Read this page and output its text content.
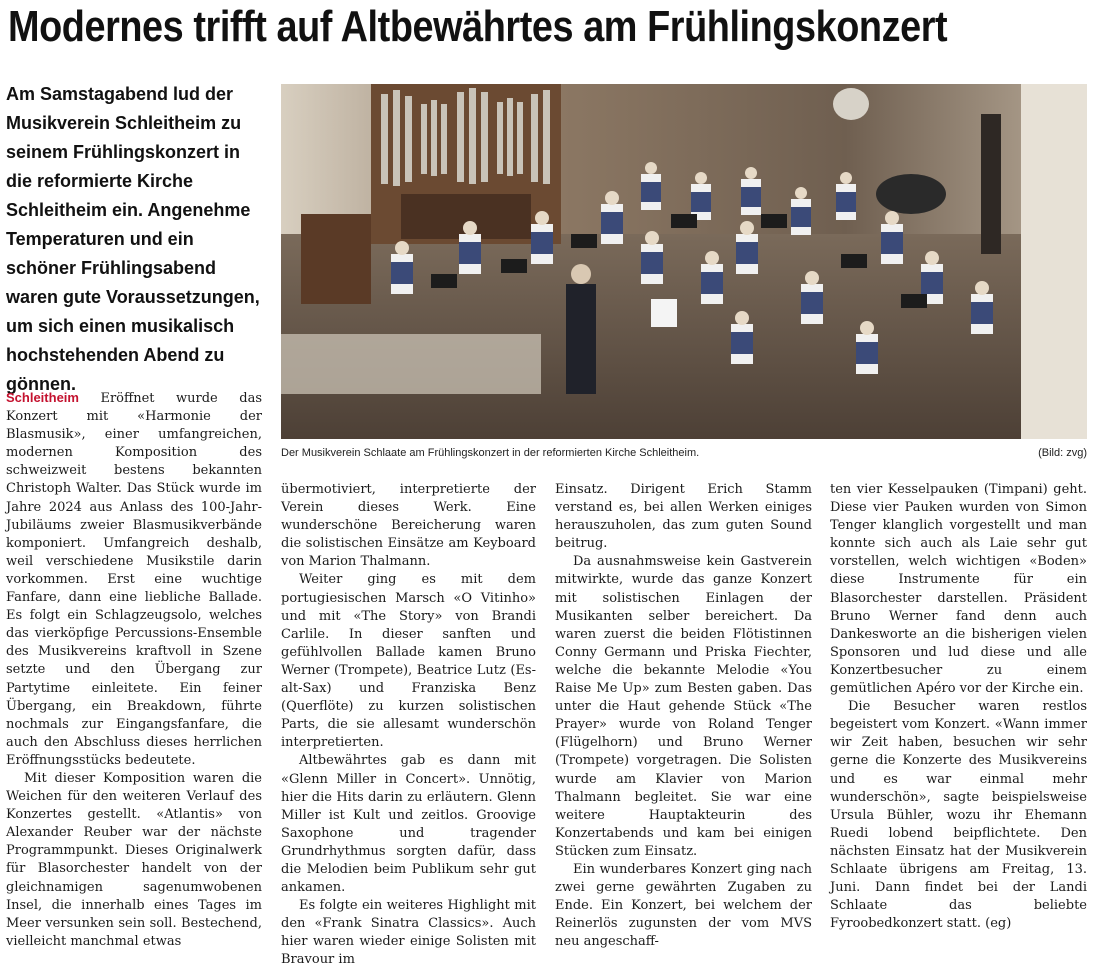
Modernes trifft auf Altbewährtes am Frühlingskonzert
Am Samstagabend lud der Musikverein Schleitheim zu seinem Frühlingskonzert in die reformierte Kirche Schleitheim ein. Angenehme Temperaturen und ein schöner Frühlingsabend waren gute Voraussetzungen, um sich einen musikalisch hochstehenden Abend zu gönnen.
Der Musikverein Schlaate am Frühlingskonzert in der reformierten Kirche Schleitheim.	(Bild: zvg)

Schleitheim Eröffnet wurde das Konzert mit «Harmonie der Blasmusik», einer umfangreichen, modernen Komposition des schweizweit bestens bekannten Christoph Walter. Das Stück wurde im Jahre 2024 aus Anlass des 100-Jahr-Jubiläums zweier Blasmusikverbände komponiert. Umfangreich deshalb, weil verschiedene Musikstile darin vorkommen. Erst eine wuchtige Fanfare, dann eine liebliche Ballade. Es folgt ein Schlagzeugsolo, welches das vierköpfige Percussions-Ensemble des Musikvereins kraftvoll in Szene setzte und den Übergang zur Partytime einleitete. Ein feiner Übergang, ein Breakdown, führte nochmals zur Eingangsfanfare, die auch den Abschluss dieses herrlichen Eröffnungsstücks bedeutete.

Mit dieser Komposition waren die Weichen für den weiteren Verlauf des Konzertes gestellt. «Atlantis» von Alexander Reuber war der nächste Programmpunkt. Dieses Originalwerk für Blasorchester handelt von der gleichnamigen sagenumwobenen Insel, die innerhalb eines Tages im Meer versunken sein soll. Bestechend, vielleicht manchmal etwas

übermotiviert, interpretierte der Verein dieses Werk. Eine wunderschöne Bereicherung waren die solistischen Einsätze am Keyboard von Marion Thalmann.

Weiter ging es mit dem portugiesischen Marsch «O Vitinho» und mit «The Story» von Brandi Carlile. In dieser sanften und gefühlvollen Ballade kamen Bruno Werner (Trompete), Beatrice Lutz (Es-alt-Sax) und Franziska Benz (Querflöte) zu kurzen solistischen Parts, die sie allesamt wunderschön interpretierten.

Altbewährtes gab es dann mit «Glenn Miller in Concert». Unnötig, hier die Hits darin zu erläutern. Glenn Miller ist Kult und zeitlos. Groovige Saxophone und tragender Grundrhythmus sorgten dafür, dass die Melodien beim Publikum sehr gut ankamen.

Es folgte ein weiteres Highlight mit den «Frank Sinatra Classics». Auch hier waren wieder einige Solisten mit Bravour im

Einsatz. Dirigent Erich Stamm verstand es, bei allen Werken einiges herauszuholen, das zum guten Sound beitrug.

Da ausnahmsweise kein Gastverein mitwirkte, wurde das ganze Konzert mit solistischen Einlagen der Musikanten selber bereichert. Da waren zuerst die beiden Flötistinnen Conny Germann und Priska Fiechter, welche die bekannte Melodie «You Raise Me Up» zum Besten gaben. Das unter die Haut gehende Stück «The Prayer» wurde von Roland Tenger (Flügelhorn) und Bruno Werner (Trompete) vorgetragen. Die Solisten wurde am Klavier von Marion Thalmann begleitet. Sie war eine weitere Hauptakteurin des Konzertabends und kam bei einigen Stücken zum Einsatz.

Ein wunderbares Konzert ging nach zwei gerne gewährten Zugaben zu Ende. Ein Konzert, bei welchem der Reinerlös zugunsten der vom MVS neu angeschaff-

ten vier Kesselpauken (Timpani) geht. Diese vier Pauken wurden von Simon Tenger klanglich vorgestellt und man konnte sich auch als Laie sehr gut vorstellen, welch wichtigen «Boden» diese Instrumente für ein Blasorchester darstellen. Präsident Bruno Werner fand denn auch Dankesworte an die bisherigen vielen Sponsoren und lud diese und alle Konzertbesucher zu einem gemütlichen Apéro vor der Kirche ein.

Die Besucher waren restlos begeistert vom Konzert. «Wann immer wir Zeit haben, besuchen wir sehr gerne die Konzerte des Musikvereins und es war einmal mehr wunderschön», sagte beispielsweise Ursula Bühler, wozu ihr Ehemann Ruedi lobend beipflichtete. Den nächsten Einsatz hat der Musikverein Schlaate übrigens am Freitag, 13. Juni. Dann findet bei der Landi Schlaate das beliebte Fyroobedkonzert statt. (eg)
